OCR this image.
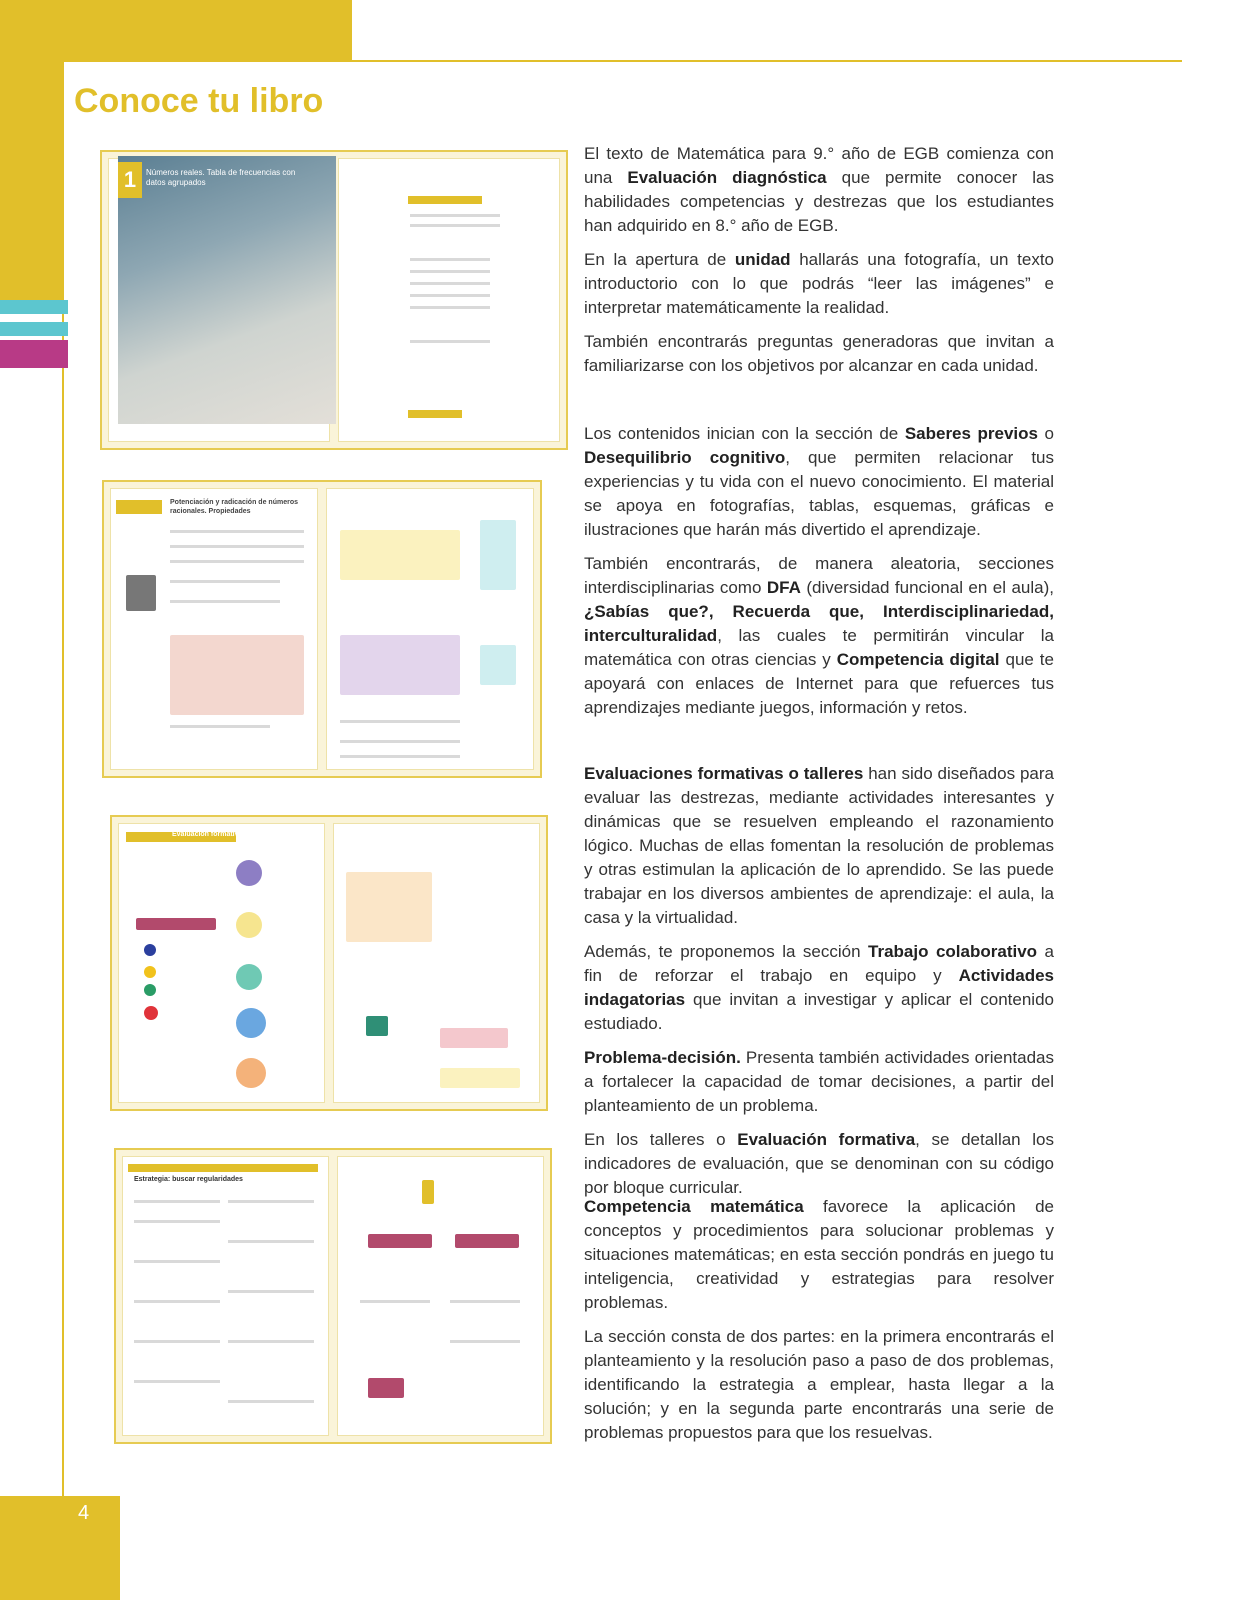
4
Conoce tu libro
1	Números reales. Tabla de frecuencias con datos agrupados
Potenciación y radicación de números racionales. Propiedades
Evaluación formativa
Estrategia: buscar regularidades

El texto de Matemática para 9.° año de EGB comienza con una Evaluación diagnóstica que permite conocer las habilidades competencias y destrezas que los estudiantes han adquirido en 8.° año de EGB.

En la apertura de unidad hallarás una fotografía, un texto introductorio con lo que podrás “leer las imágenes” e interpretar matemáticamente la realidad.

También encontrarás preguntas generadoras que invitan a familiarizarse con los objetivos por alcanzar en cada unidad.

Los contenidos inician con la sección de Saberes previos o Desequilibrio cognitivo, que permiten relacionar tus experiencias y tu vida con el nuevo conocimiento. El material se apoya en fotografías, tablas, esquemas, gráficas e ilustraciones que harán más divertido el aprendizaje.

También encontrarás, de manera aleatoria, secciones interdisciplinarias como DFA (diversidad funcional en el aula), ¿Sabías que?, Recuerda que, Interdisciplinariedad, interculturalidad, las cuales te permitirán vincular la matemática con otras ciencias y Competencia digital que te apoyará con enlaces de Internet para que refuerces tus aprendizajes mediante juegos, información y retos.

Evaluaciones formativas o talleres han sido diseñados para evaluar las destrezas, mediante actividades interesantes y dinámicas que se resuelven empleando el razonamiento lógico. Muchas de ellas fomentan la resolución de problemas y otras estimulan la aplicación de lo aprendido. Se las puede trabajar en los diversos ambientes de aprendizaje: el aula, la casa y la virtualidad.

Además, te proponemos la sección Trabajo colaborativo a fin de reforzar el trabajo en equipo y Actividades indagatorias que invitan a investigar y aplicar el contenido estudiado.

Problema-decisión. Presenta también actividades orientadas a fortalecer la capacidad de tomar decisiones, a partir del planteamiento de un problema.

En los talleres o Evaluación formativa, se detallan los indicadores de evaluación, que se denominan con su código por bloque curricular.

Competencia matemática favorece la aplicación de conceptos y procedimientos para solucionar problemas y situaciones matemáticas; en esta sección pondrás en juego tu inteligencia, creatividad y estrategias para resolver problemas.

La sección consta de dos partes: en la primera encontrarás el planteamiento y la resolución paso a paso de dos problemas, identificando la estrategia a emplear, hasta llegar a la solución; y en la segunda parte encontrarás una serie de problemas propuestos para que los resuelvas.
